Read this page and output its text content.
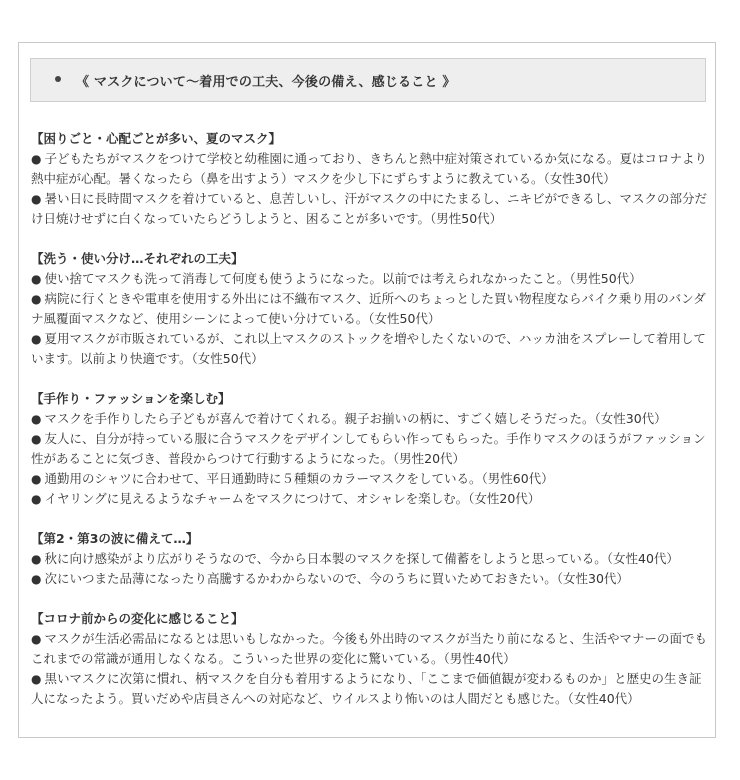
《 マスクについて〜着用での工夫、今後の備え、感じること 》
【困りごと・心配ごとが多い、夏のマスク】
● 子どもたちがマスクをつけて学校と幼稚園に通っており、きちんと熱中症対策されているか気になる。夏はコロナより熱中症が心配。暑くなったら（鼻を出すよう）マスクを少し下にずらすように教えている。（女性30代）
● 暑い日に長時間マスクを着けていると、息苦しいし、汗がマスクの中にたまるし、ニキビができるし、マスクの部分だけ日焼けせずに白くなっていたらどうしようと、困ることが多いです。（男性50代）
【洗う・使い分け…それぞれの工夫】
● 使い捨てマスクも洗って消毒して何度も使うようになった。以前では考えられなかったこと。（男性50代）
● 病院に行くときや電車を使用する外出には不織布マスク、近所へのちょっとした買い物程度ならバイク乗り用のバンダナ風覆面マスクなど、使用シーンによって使い分けている。（女性50代）
● 夏用マスクが市販されているが、これ以上マスクのストックを増やしたくないので、ハッカ油をスプレーして着用しています。以前より快適です。（女性50代）
【手作り・ファッションを楽しむ】
● マスクを手作りしたら子どもが喜んで着けてくれる。親子お揃いの柄に、すごく嬉しそうだった。（女性30代）
● 友人に、自分が持っている服に合うマスクをデザインしてもらい作ってもらった。手作りマスクのほうがファッション性があることに気づき、普段からつけて行動するようになった。（男性20代）
● 通勤用のシャツに合わせて、平日通勤時に５種類のカラーマスクをしている。（男性60代）
● イヤリングに見えるようなチャームをマスクにつけて、オシャレを楽しむ。（女性20代）
【第2・第3の波に備えて…】
● 秋に向け感染がより広がりそうなので、今から日本製のマスクを探して備蓄をしようと思っている。（女性40代）
● 次にいつまた品薄になったり高騰するかわからないので、今のうちに買いためておきたい。（女性30代）
【コロナ前からの変化に感じること】
● マスクが生活必需品になるとは思いもしなかった。今後も外出時のマスクが当たり前になると、生活やマナーの面でもこれまでの常識が通用しなくなる。こういった世界の変化に驚いている。（男性40代）
● 黒いマスクに次第に慣れ、柄マスクを自分も着用するようになり、「ここまで価値観が変わるものか」と歴史の生き証人になったよう。買いだめや店員さんへの対応など、ウイルスより怖いのは人間だとも感じた。（女性40代）
